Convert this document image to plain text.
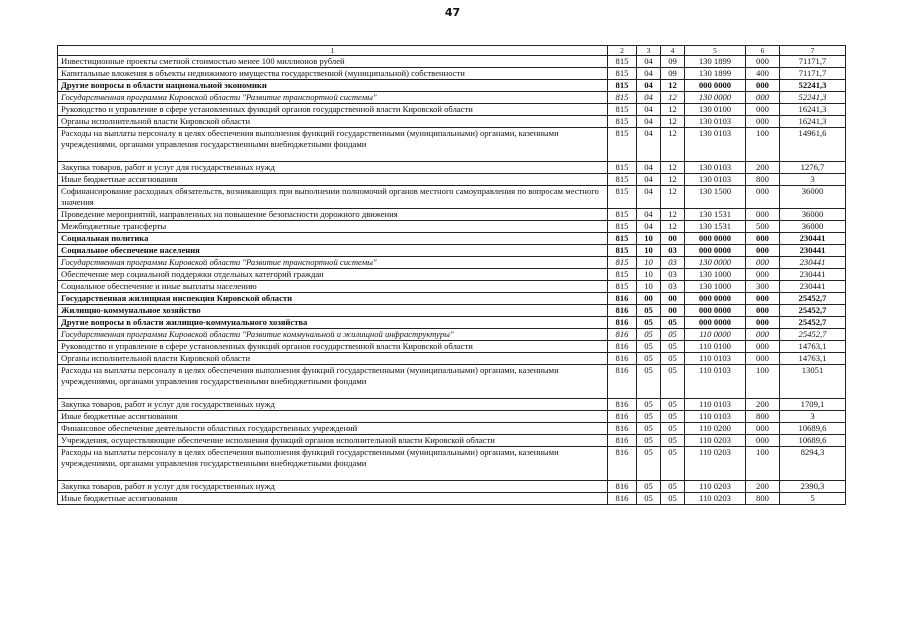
47
1	2	3	4	5	6	7
Инвестиционные проекты сметной стоимостью менее 100 миллионов рублей	815	04	09	130 1899	000	71171,7
Капитальные вложения в объекты недвижимого имущества государственной (муниципальной) собственности	815	04	09	130 1899	400	71171,7
Другие вопросы в области национальной экономики	815	04	12	000 0000	000	52241,3
Государственная программа Кировской области "Развитие транспортной системы"	815	04	12	130 0000	000	52241,3
Руководство и управление в сфере установленных функций органов государственной власти Кировской области	815	04	12	130 0100	000	16241,3
Органы исполнительной власти Кировской области	815	04	12	130 0103	000	16241,3
Расходы на выплаты персоналу в целях обеспечения выполнения функций государственными (муниципальными) органами, казенными учреждениями, органами управления государственными внебюджетными фондами	815	04	12	130 0103	100	14961,6
Закупка товаров, работ и услуг для государственных нужд	815	04	12	130 0103	200	1276,7
Иные бюджетные ассигнования	815	04	12	130 0103	800	3
Софинансирование расходных обязательств, возникающих при выполнении полномочий органов местного самоуправления по вопросам местного значения	815	04	12	130 1500	000	36000
Проведение мероприятий, направленных на повышение безопасности дорожного движения	815	04	12	130 1531	000	36000
Межбюджетные трансферты	815	04	12	130 1531	500	36000
Социальная политика	815	10	00	000 0000	000	230441
Социальное обеспечение населения	815	10	03	000 0000	000	230441
Государственная программа Кировской области "Развитие транспортной системы"	815	10	03	130 0000	000	230441
Обеспечение мер социальной поддержки отдельных категорий граждан	815	10	03	130 1000	000	230441
Социальное обеспечение и иные выплаты населению	815	10	03	130 1000	300	230441
Государственная жилищная инспекция Кировской области	816	00	00	000 0000	000	25452,7
Жилищно-коммунальное хозяйство	816	05	00	000 0000	000	25452,7
Другие вопросы в области жилищно-коммунального хозяйства	816	05	05	000 0000	000	25452,7
Государственная программа Кировской области "Развитие коммунальной и жилищной инфраструктуры"	816	05	05	110 0000	000	25452,7
Руководство и управление в сфере установленных функций органов государственной власти Кировской области	816	05	05	110 0100	000	14763,1
Органы исполнительной власти Кировской области	816	05	05	110 0103	000	14763,1
Расходы на выплаты персоналу в целях обеспечения выполнения функций государственными (муниципальными) органами, казенными учреждениями, органами управления государственными внебюджетными фондами	816	05	05	110 0103	100	13051
Закупка товаров, работ и услуг для государственных нужд	816	05	05	110 0103	200	1709,1
Иные бюджетные ассигнования	816	05	05	110 0103	800	3
Финансовое обеспечение деятельности областных государственных учреждений	816	05	05	110 0200	000	10689,6
Учреждения, осуществляющие обеспечение исполнения функций органов исполнительной власти Кировской области	816	05	05	110 0203	000	10689,6
Расходы на выплаты персоналу в целях обеспечения выполнения функций государственными (муниципальными) органами, казенными учреждениями, органами управления государственными внебюджетными фондами	816	05	05	110 0203	100	8294,3
Закупка товаров, работ и услуг для государственных нужд	816	05	05	110 0203	200	2390,3
Иные бюджетные ассигнования	816	05	05	110 0203	800	5
